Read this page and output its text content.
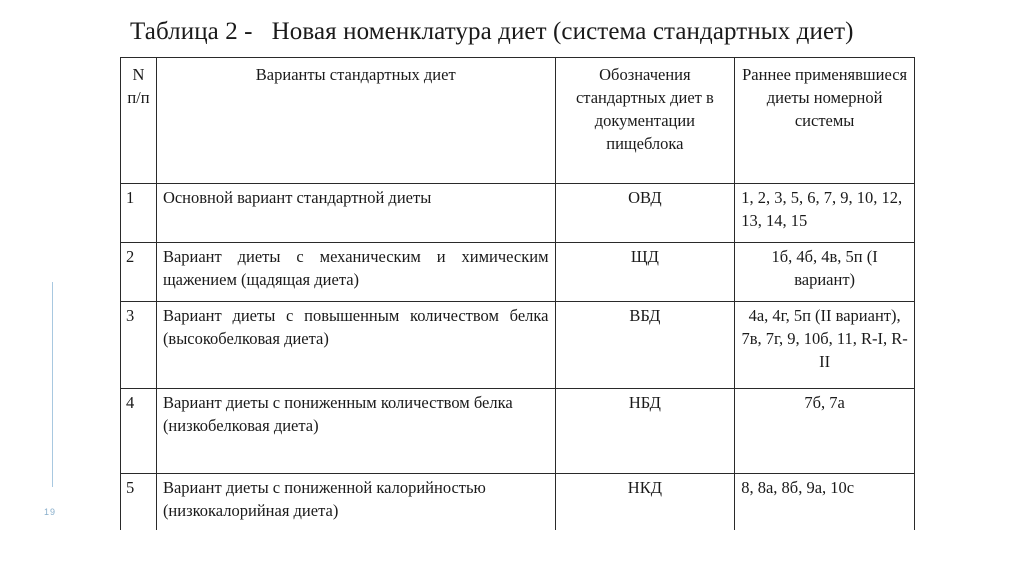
Таблица 2 -   Новая номенклатура диет (система стандартных диет)
19
N п/п	Варианты стандартных диет	Обозначения стандартных диет в документации пищеблока	Раннее применявшиеся диеты номерной системы
1	Основной вариант стандартной диеты	ОВД	1, 2, 3, 5, 6, 7, 9, 10, 12, 13, 14, 15
2	Вариант диеты с механическим и химическим щажением (щадящая диета)	ЩД	1б, 4б, 4в, 5п (I вариант)
3	Вариант диеты с повышенным количеством белка (высокобелковая диета)	ВБД	4а, 4г, 5п (II вариант), 7в, 7г, 9, 10б, 11, R-I, R-II
4	Вариант диеты с пониженным количеством белка (низкобелковая диета)	НБД	7б, 7а
5	Вариант диеты с пониженной калорийностью (низкокалорийная диета)	НКД	8, 8а, 8б, 9а, 10с
